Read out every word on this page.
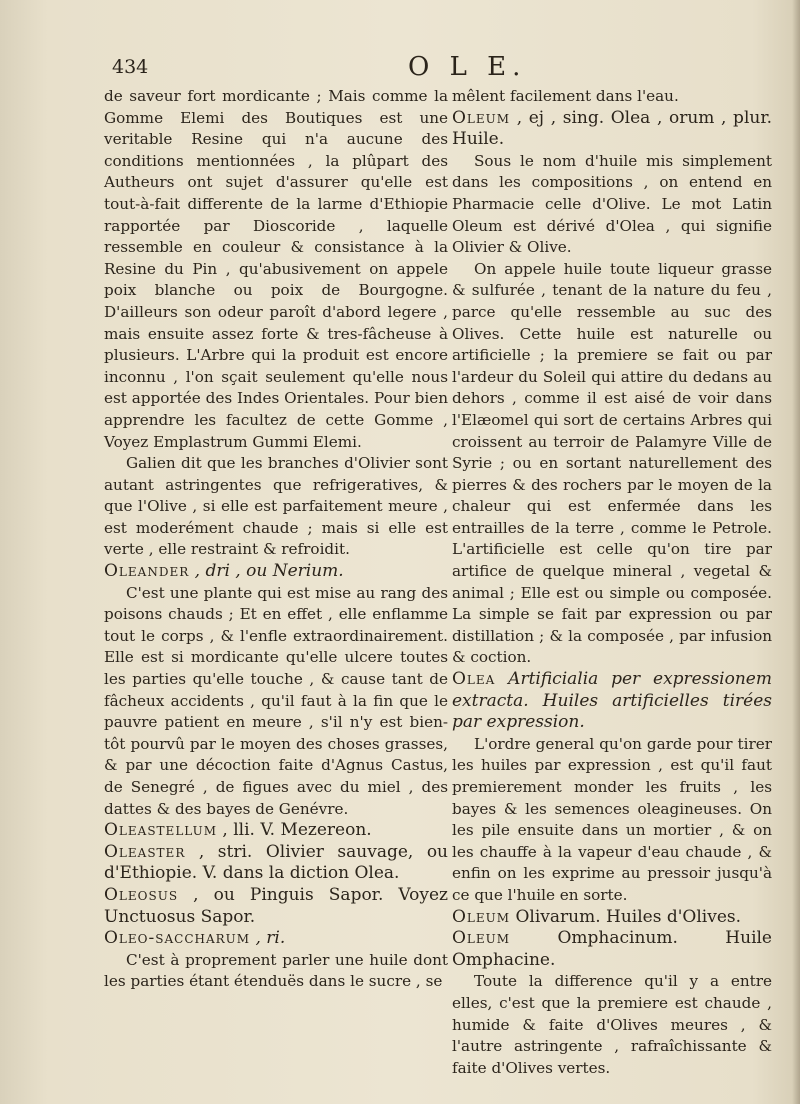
434	O L E.

de saveur fort mordicante ; Mais comme la Gomme Elemi des Boutiques est une veritable Resine qui n'a aucune des conditions mentionnées , la plûpart des Autheurs ont sujet d'assurer qu'elle est tout-à-fait differente de la larme d'Ethiopie rapportée par Dioscoride , laquelle ressemble en couleur & consistance à la Resine du Pin , qu'abusivement on appele poix blanche ou poix de Bourgogne. D'ailleurs son odeur paroît d'abord legere , mais ensuite assez forte & tres-fâcheuse à plusieurs. L'Arbre qui la produit est encore inconnu , l'on sçait seulement qu'elle nous est apportée des Indes Orientales. Pour bien apprendre les facultez de cette Gomme , Voyez Emplastrum Gummi Elemi.

Galien dit que les branches d'Olivier sont autant astringentes que refrigeratives, & que l'Olive , si elle est parfaitement meure , est moderément chaude ; mais si elle est verte , elle restraint & refroidit.

Oleander , dri , ou Nerium.

C'est une plante qui est mise au rang des poisons chauds ; Et en effet , elle enflamme tout le corps , & l'enfle extraordinairement. Elle est si mordicante qu'elle ulcere toutes les parties qu'elle touche , & cause tant de fâcheux accidents , qu'il faut à la fin que le pauvre patient en meure , s'il n'y est bien-tôt pourvû par le moyen des choses grasses, & par une décoction faite d'Agnus Castus, de Senegré , de figues avec du miel , des dattes & des bayes de Genévre.

Oleastellum , lli. V. Mezereon.

Oleaster , stri. Olivier sauvage, ou d'Ethiopie. V. dans la diction Olea.

Oleosus , ou Pinguis Sapor. Voyez Unctuosus Sapor.

Oleo-saccharum , ri.

C'est à proprement parler une huile dont les parties étant étenduës dans le sucre , se

mêlent facilement dans l'eau.

Oleum , ej , sing. Olea , orum , plur. Huile.

Sous le nom d'huile mis simplement dans les compositions , on entend en Pharmacie celle d'Olive. Le mot Latin Oleum est dérivé d'Olea , qui signifie Olivier & Olive.

On appele huile toute liqueur grasse & sulfurée , tenant de la nature du feu , parce qu'elle ressemble au suc des Olives. Cette huile est naturelle ou artificielle ; la premiere se fait ou par l'ardeur du Soleil qui attire du dedans au dehors , comme il est aisé de voir dans l'Elæomel qui sort de certains Arbres qui croissent au terroir de Palamyre Ville de Syrie ; ou en sortant naturellement des pierres & des rochers par le moyen de la chaleur qui est enfermée dans les entrailles de la terre , comme le Petrole. L'artificielle est celle qu'on tire par artifice de quelque mineral , vegetal & animal ; Elle est ou simple ou composée. La simple se fait par expression ou par distillation ; & la composée , par infusion & coction.

Olea Artificialia per expressionem extracta. Huiles artificielles tirées par expression.

L'ordre general qu'on garde pour tirer les huiles par expression , est qu'il faut premierement monder les fruits , les bayes & les semences oleagineuses. On les pile ensuite dans un mortier , & on les chauffe à la vapeur d'eau chaude , & enfin on les exprime au pressoir jusqu'à ce que l'huile en sorte.

Oleum Olivarum. Huiles d'Olives.

Oleum Omphacinum. Huile Omphacine.

Toute la difference qu'il y a entre elles, c'est que la premiere est chaude , humide & faite d'Olives meures , & l'autre astringente , rafraîchissante & faite d'Olives vertes.
